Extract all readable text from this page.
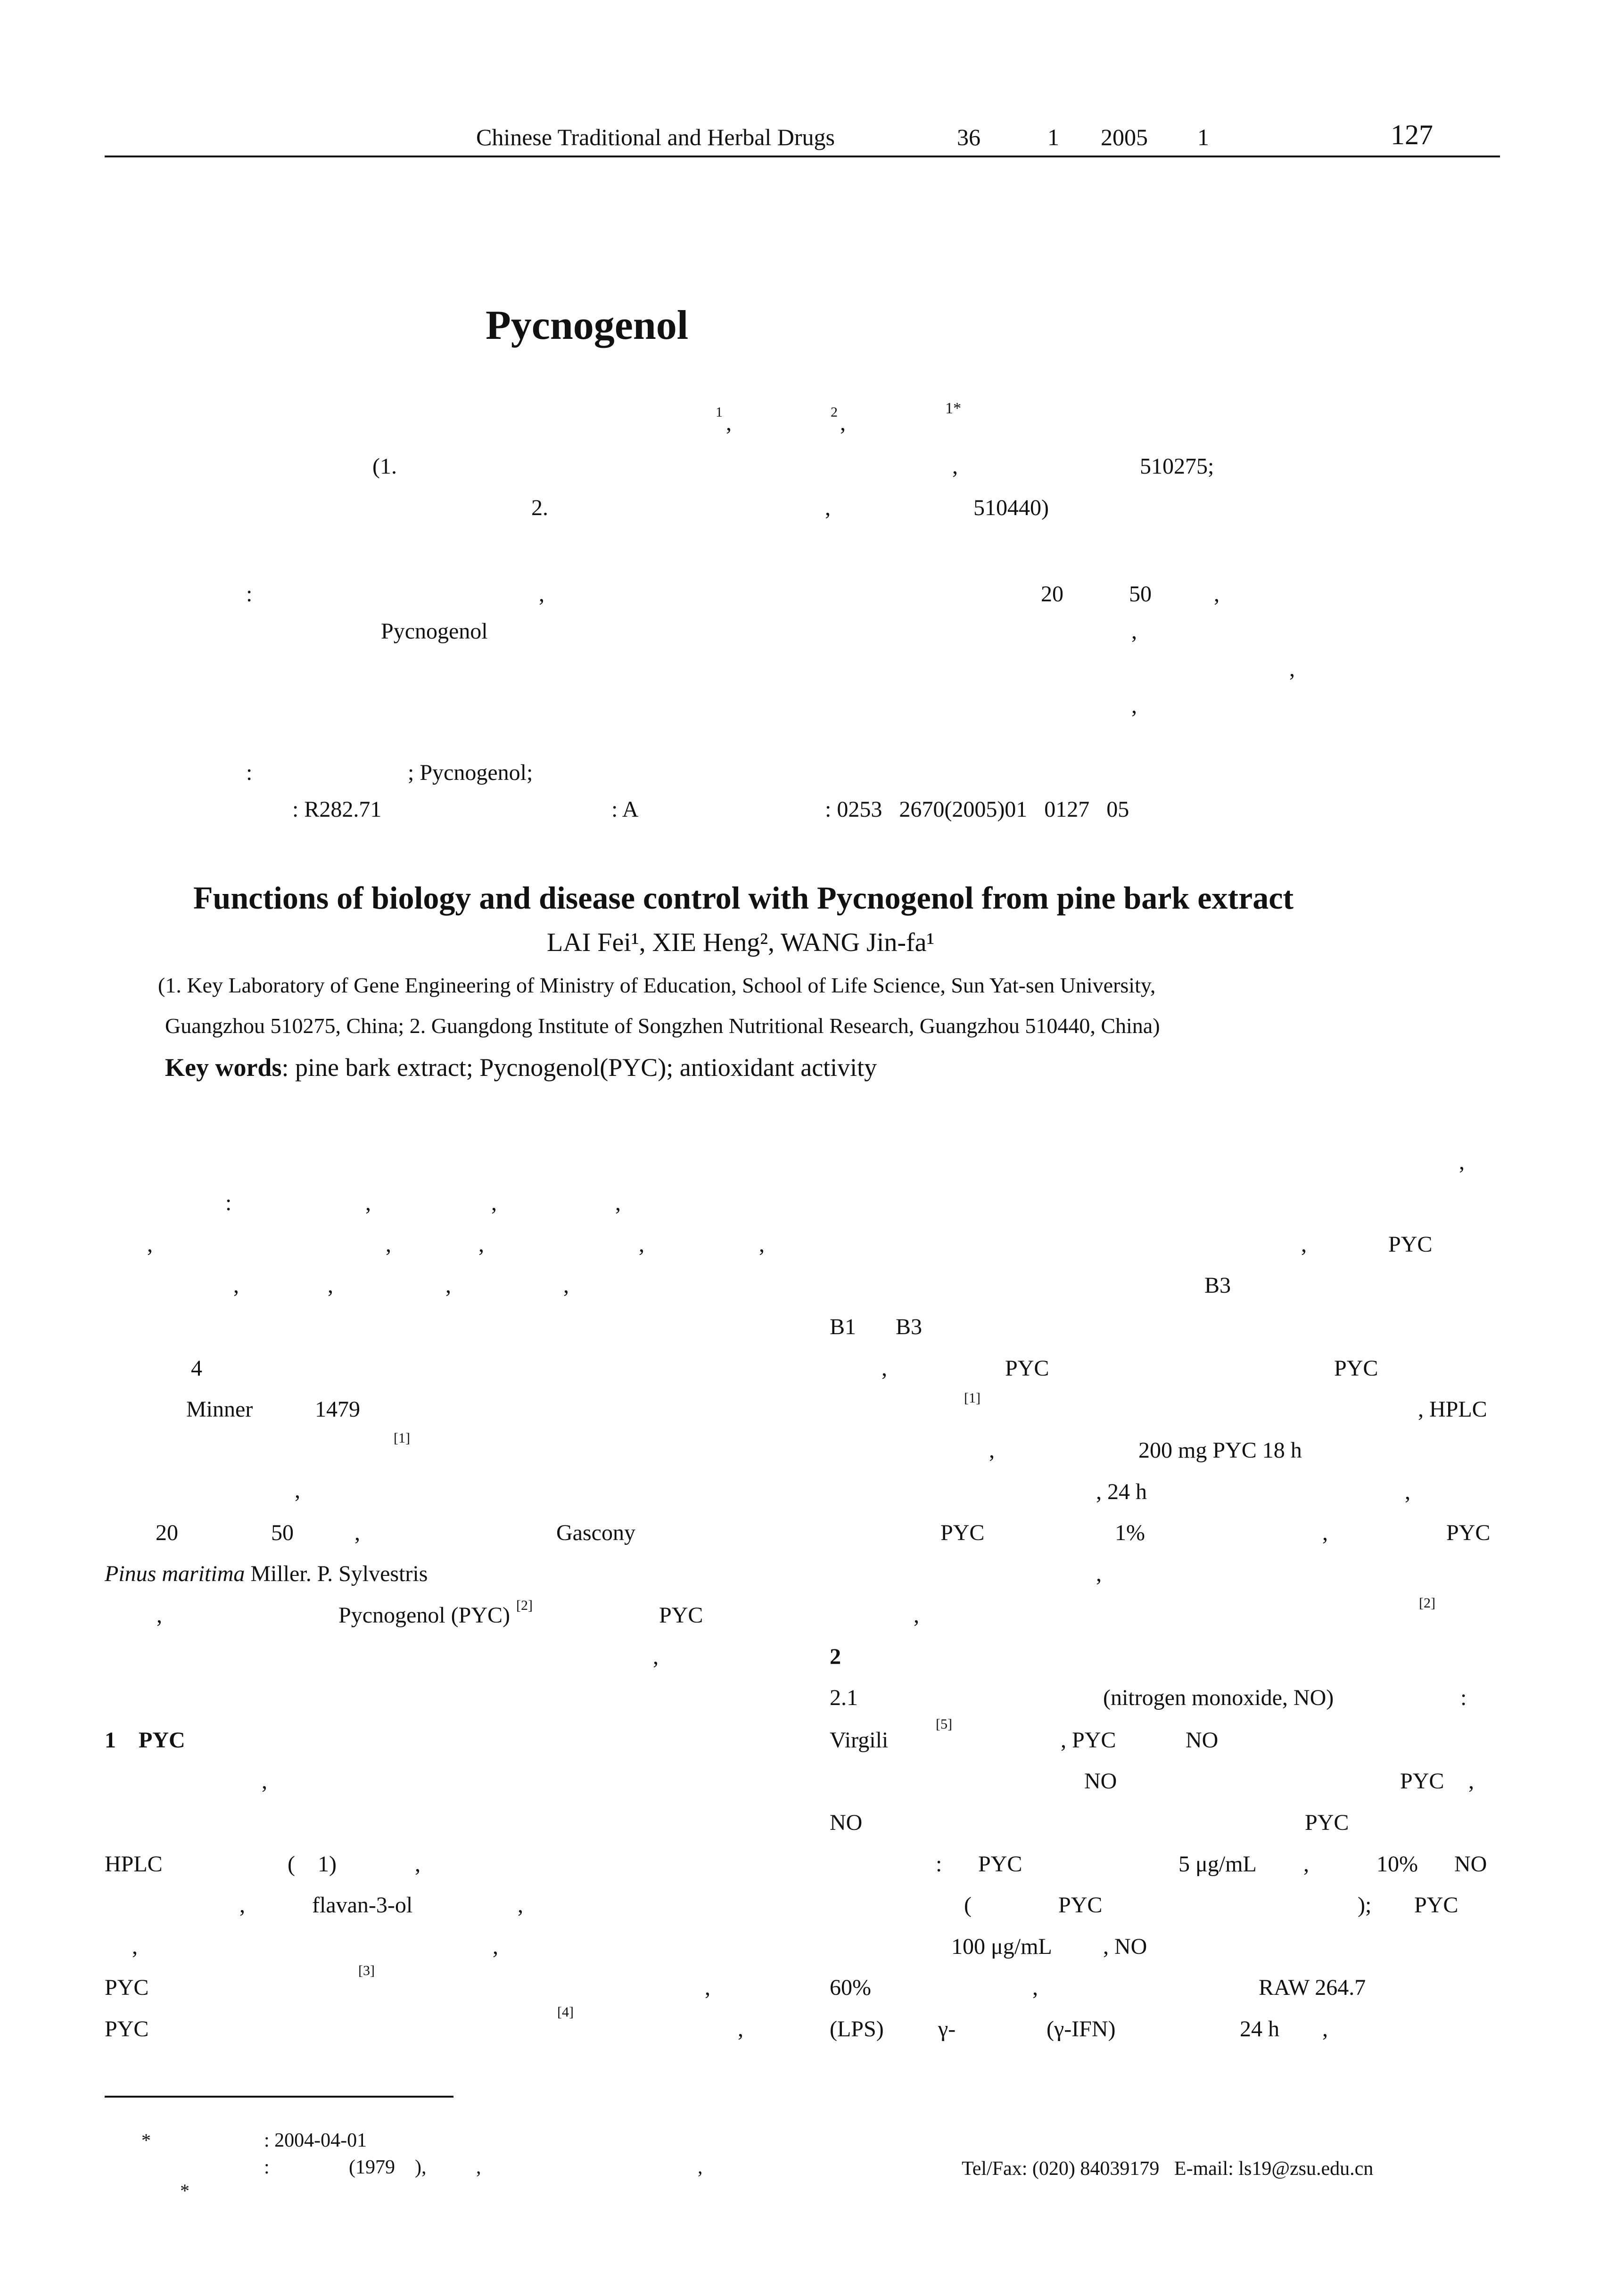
Chinese Traditional and Herbal Drugs	36	1 2005 1	127
Pycnogenol
1 ,	2 ,
1*
(1.	,	510275;
2.	,	510440)
:	,	20	50	,
Pycnogenol	,
,
,
:	; Pycnogenol;
: R282.71	: A	: 0253   2670(2005)01   0127   05
Functions of biology and disease control with Pycnogenol from pine bark extract
LAI Fei¹, XIE Heng², WANG Jin-fa¹
(1. Key Laboratory of Gene Engineering of Ministry of Education, School of Life Science, Sun Yat-sen University,
Guangzhou 510275, China; 2. Guangdong Institute of Songzhen Nutritional Research, Guangzhou 510440, China)
Key words: pine bark extract; Pycnogenol(PYC); antioxidant activity
:	,	,	,
,	,	,	,	,
,	,	,	,
4
Minner	1479
[1]
,
20	50	,	Gascony
Pinus maritima Miller. P. Sylvestris
,	Pycnogenol (PYC) [2]	PYC
,
1 PYC
,
HPLC	(    1)	,
,	flavan-3-ol	,
,	,
PYC
[3]
,
PYC
[4]
,
,
,	PYC
B3
B1 B3
,	PYC	PYC
[1]	, HPLC
,	200 mg PYC 18 h
, 24 h	,
PYC	1%	,	PYC
,
,	[2]
2
2.1	(nitrogen monoxide, NO)	:
Virgili
[5]
, PYC	NO
NO	PYC ,
NO	PYC
: PYC	5 μg/mL ,	10% NO
(	PYC	); PYC
100 μg/mL , NO
60%	,	RAW 264.7
(LPS) γ-	(γ-IFN)	24 h ,
*	: 2004-04-01
:	(1979    ),	,	,
*
Tel/Fax: (020) 84039179   E-mail: ls19@zsu.edu.cn
